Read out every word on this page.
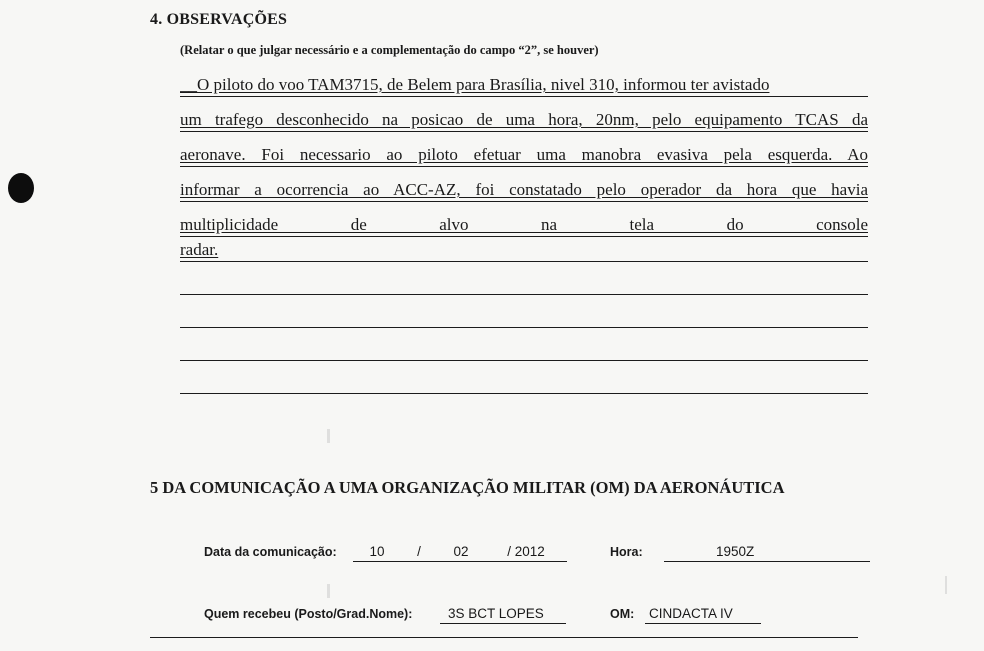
4. OBSERVAÇÕES
(Relatar o que julgar necessário e a complementação do campo “2”, se houver)
__O piloto do voo TAM3715, de Belem para Brasília, nivel 310, informou ter avistado
um trafego desconhecido na posicao de uma hora, 20nm, pelo equipamento TCAS da
aeronave. Foi necessario ao piloto efetuar uma manobra evasiva pela esquerda. Ao
informar a ocorrencia ao ACC-AZ, foi constatado pelo operador da hora que havia
multiplicidade de alvo na tela do console
radar.
5 DA COMUNICAÇÃO A UMA ORGANIZAÇÃO MILITAR (OM) DA AERONÁUTICA
Data da comunicação:	10	/	02	/ 2012	Hora:	1950Z
Quem recebeu (Posto/Grad.Nome):	3S BCT LOPES	OM: CINDACTA IV
